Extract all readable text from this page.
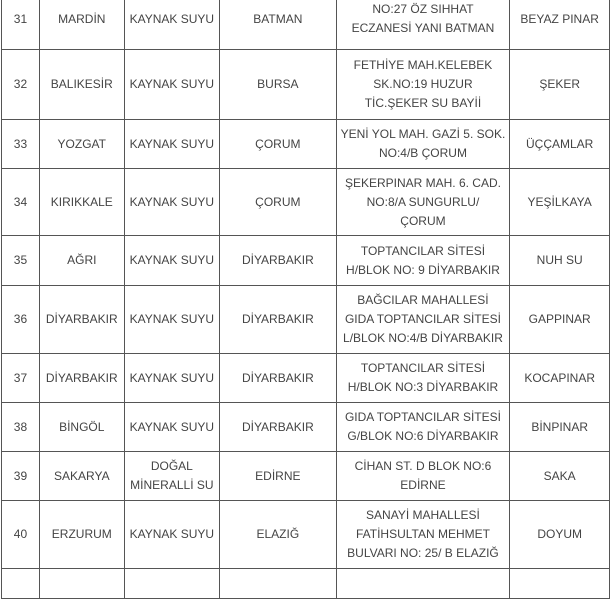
31	MARDİN	KAYNAK SUYU	BATMAN	NO:27 ÖZ SIHHAT
ECZANESİ YANI BATMAN	BEYAZ PINAR
32	BALIKESİR	KAYNAK SUYU	BURSA	FETHİYE MAH.KELEBEK
SK.NO:19 HUZUR
TİC.ŞEKER SU BAYİİ	ŞEKER
33	YOZGAT	KAYNAK SUYU	ÇORUM	YENİ YOL MAH. GAZİ 5. SOK.
NO:4/B ÇORUM	ÜÇÇAMLAR
34	KIRIKKALE	KAYNAK SUYU	ÇORUM	ŞEKERPINAR MAH. 6. CAD.
NO:8/A SUNGURLU/
ÇORUM	YEŞİLKAYA
35	AĞRI	KAYNAK SUYU	DİYARBAKIR	TOPTANCILAR SİTESİ
H/BLOK NO: 9 DİYARBAKIR	NUH SU
36	DİYARBAKIR	KAYNAK SUYU	DİYARBAKIR	BAĞCILAR MAHALLESİ
GIDA TOPTANCILAR SİTESİ
L/BLOK NO:4/B DİYARBAKIR	GAPPINAR
37	DİYARBAKIR	KAYNAK SUYU	DİYARBAKIR	TOPTANCILAR SİTESİ
H/BLOK NO:3 DİYARBAKIR	KOCAPINAR
38	BİNGÖL	KAYNAK SUYU	DİYARBAKIR	GIDA TOPTANCILAR SİTESİ
G/BLOK NO:6 DİYARBAKIR	BİNPINAR
39	SAKARYA	DOĞAL MİNERALLİ SU	EDİRNE	CİHAN ST. D BLOK NO:6
EDİRNE	SAKA
40	ERZURUM	KAYNAK SUYU	ELAZIĞ	SANAYİ MAHALLESİ
FATİHSULTAN MEHMET
BULVARI NO: 25/ B ELAZIĞ	DOYUM
